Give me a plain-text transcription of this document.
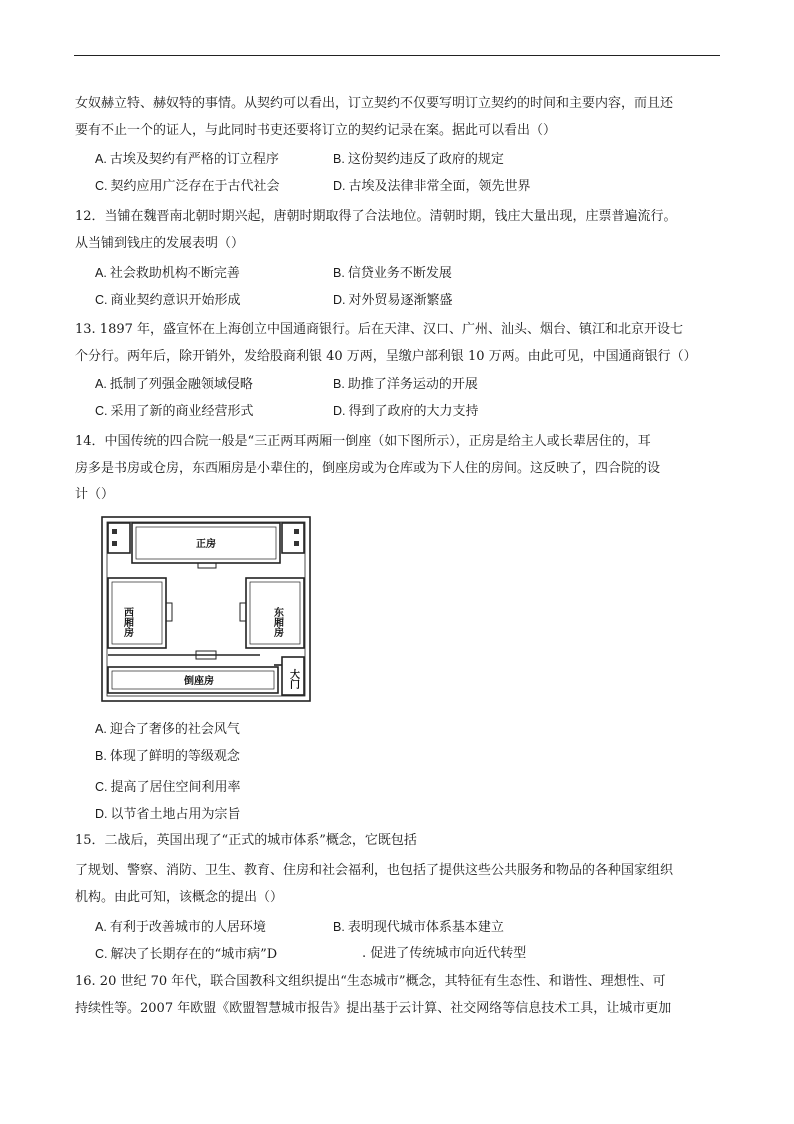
女奴赫立特、赫奴特的事情。从契约可以看出，订立契约不仅要写明订立契约的时间和主要内容，而且还
要有不止一个的证人，与此同时书吏还要将订立的契约记录在案。据此可以看出（）
A. 古埃及契约有严格的订立程序	B. 这份契约违反了政府的规定
C. 契约应用广泛存在于古代社会	D. 古埃及法律非常全面，领先世界
12．当铺在魏晋南北朝时期兴起，唐朝时期取得了合法地位。清朝时期，钱庄大量出现，庄票普遍流行。
从当铺到钱庄的发展表明（）
A. 社会救助机构不断完善	B. 信贷业务不断发展
C. 商业契约意识开始形成	D. 对外贸易逐渐繁盛
13. 1897 年，盛宣怀在上海创立中国通商银行。后在天津、汉口、广州、汕头、烟台、镇江和北京开设七
个分行。两年后，除开销外，发给股商利银 40 万两，呈缴户部利银 10 万两。由此可见，中国通商银行（）
A. 抵制了列强金融领域侵略	B. 助推了洋务运动的开展
C. 采用了新的商业经营形式	D. 得到了政府的大力支持
14．中国传统的四合院一般是“三正两耳两厢一倒座（如下图所示），正房是给主人或长辈居住的，耳
房多是书房或仓房，东西厢房是小辈住的，倒座房或为仓库或为下人住的房间。这反映了，四合院的设
计（）
正房
西厢房	东厢房
倒座房	大门
A. 迎合了奢侈的社会风气
B. 体现了鲜明的等级观念
C. 提高了居住空间利用率
D. 以节省土地占用为宗旨
15．二战后，英国出现了“正式的城市体系”概念，它既包括
了规划、警察、消防、卫生、教育、住房和社会福利，也包括了提供这些公共服务和物品的各种国家组织
机构。由此可知，该概念的提出（）
A. 有利于改善城市的人居环境	B. 表明现代城市体系基本建立
C. 解决了长期存在的“城市病”D	. 促进了传统城市向近代转型
16. 20 世纪 70 年代，联合国教科文组织提出“生态城市”概念，其特征有生态性、和谐性、理想性、可
持续性等。2007 年欧盟《欧盟智慧城市报告》提出基于云计算、社交网络等信息技术工具，让城市更加
